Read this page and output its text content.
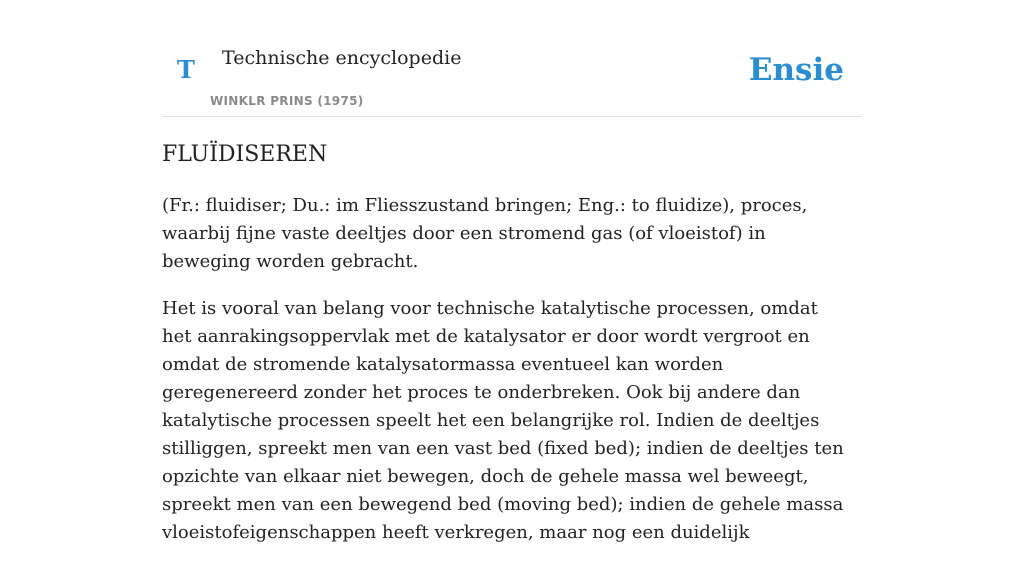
T Technische encyclopedie
WINKLR PRINS (1975)
Ensie
FLUÏDISEREN

(Fr.: fluidiser; Du.: im Fliesszustand bringen; Eng.: to fluidize), proces, waarbij fijne vaste deeltjes door een stromend gas (of vloeistof) in beweging worden gebracht.

Het is vooral van belang voor technische katalytische processen, omdat het aanrakingsoppervlak met de katalysator er door wordt vergroot en omdat de stromende katalysatormassa eventueel kan worden geregenereerd zonder het proces te onderbreken. Ook bij andere dan katalytische processen speelt het een belangrijke rol. Indien de deeltjes stilliggen, spreekt men van een vast bed (fixed bed); indien de deeltjes ten opzichte van elkaar niet bewegen, doch de gehele massa wel beweegt, spreekt men van een bewegend bed (moving bed); indien de gehele massa vloeistofeigenschappen heeft verkregen, maar nog een duidelijk
